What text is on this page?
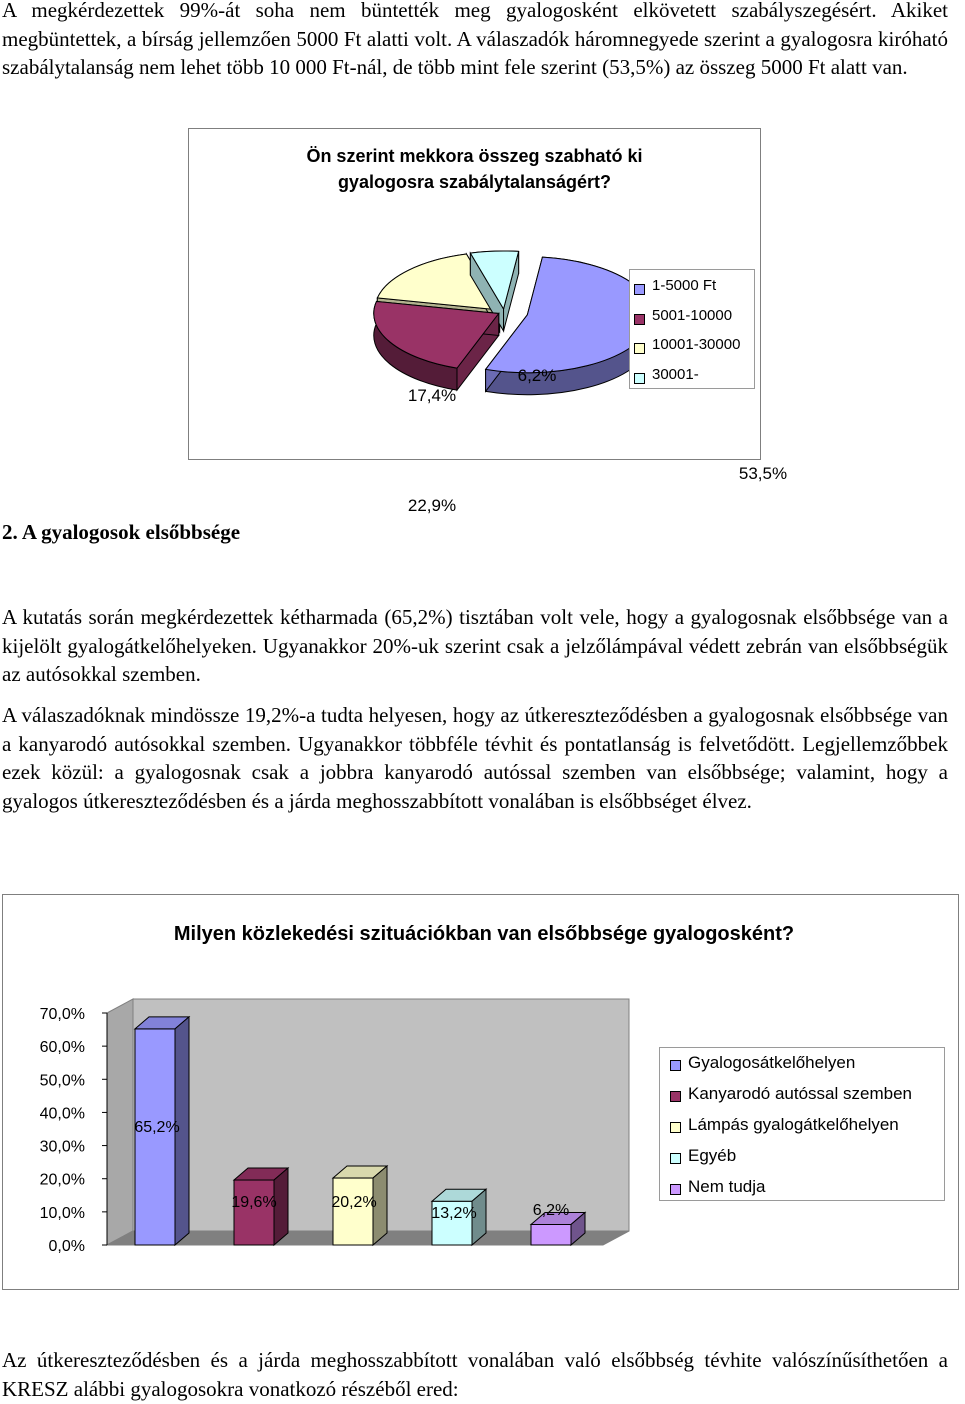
A megkérdezettek 99%-át soha nem büntették meg gyalogosként elkövetett szabályszegésért. Akiket megbüntettek, a bírság jellemzően 5000 Ft alatti volt. A válaszadók háromnegyede szerint a gyalogosra kiróható szabálytalanság nem lehet több 10 000 Ft-nál, de több mint fele szerint (53,5%) az összeg 5000 Ft alatt van.

Ön szerint mekkora összeg szabható ki
gyalogosra szabálytalanságért?
53,5%
22,9%
17,4%
6,2%
1-5000 Ft
5001-10000
10001-30000
30001-

2. A gyalogosok elsőbbsége

A kutatás során megkérdezettek kétharmada (65,2%) tisztában volt vele, hogy a gyalogosnak elsőbbsége van a kijelölt gyalogátkelőhelyeken. Ugyanakkor 20%-uk szerint csak a jelzőlámpával védett zebrán van elsőbbségük az autósokkal szemben.

A válaszadóknak mindössze 19,2%-a tudta helyesen, hogy az útkereszteződésben a gyalogosnak elsőbbsége van a kanyarodó autósokkal szemben. Ugyanakkor többféle tévhit és pontatlanság is felvetődött. Legjellemzőbbek ezek közül: a gyalogosnak csak a jobbra kanyarodó autóssal szemben van elsőbbsége; valamint, hogy a gyalogos útkereszteződésben és a járda meghosszabbított vonalában is elsőbbséget élvez.

Milyen közlekedési szituációkban van elsőbbsége gyalogosként?
0,0%
10,0%
20,0%
30,0%
40,0%
50,0%
60,0%
70,0%
65,2%
19,6%	20,2%
13,2%	6,2%
Gyalogosátkelőhelyen
Kanyarodó autóssal szemben
Lámpás gyalogátkelőhelyen
Egyéb
Nem tudja

Az útkereszteződésben és a járda meghosszabbított vonalában való elsőbbség tévhite valószínűsíthetően a KRESZ alábbi gyalogosokra vonatkozó részéből ered:
